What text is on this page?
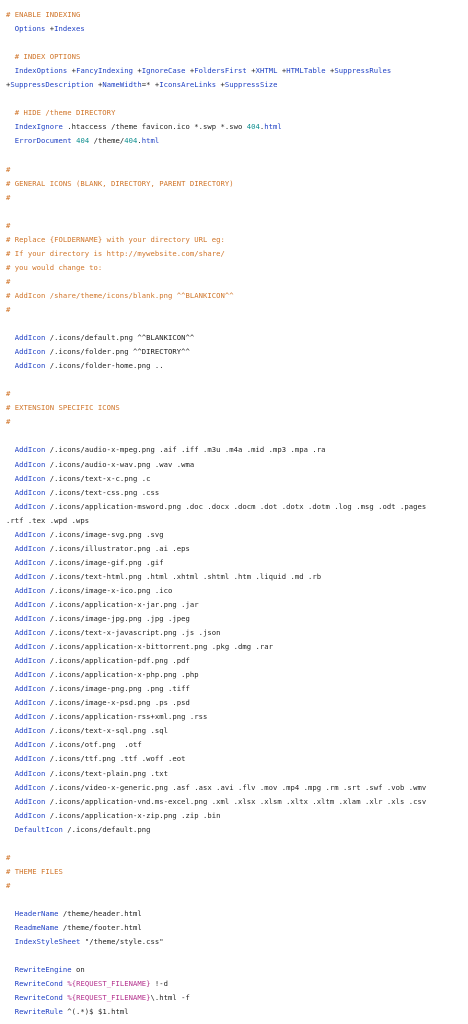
# ENABLE INDEXING
Options +Indexes
# INDEX OPTIONS
IndexOptions +FancyIndexing +IgnoreCase +FoldersFirst +XHTML +HTMLTable +SuppressRules
+SuppressDescription +NameWidth=* +IconsAreLinks +SuppressSize
# HIDE /theme DIRECTORY
IndexIgnore .htaccess /theme favicon.ico *.swp *.swo 404.html
ErrorDocument 404 /theme/404.html
#
# GENERAL ICONS (BLANK, DIRECTORY, PARENT DIRECTORY)
#
#
# Replace {FOLDERNAME} with your directory URL eg:
# If your directory is http://mywebsite.com/share/
# you would change to:
#
# AddIcon /share/theme/icons/blank.png ^^BLANKICON^^
#
AddIcon /.icons/default.png ^^BLANKICON^^
AddIcon /.icons/folder.png ^^DIRECTORY^^
AddIcon /.icons/folder-home.png ..
#
# EXTENSION SPECIFIC ICONS
#
AddIcon /.icons/audio-x-mpeg.png .aif .iff .m3u .m4a .mid .mp3 .mpa .ra
AddIcon /.icons/audio-x-wav.png .wav .wma
AddIcon /.icons/text-x-c.png .c
AddIcon /.icons/text-css.png .css
AddIcon /.icons/application-msword.png .doc .docx .docm .dot .dotx .dotm .log .msg .odt .pages
.rtf .tex .wpd .wps
AddIcon /.icons/image-svg.png .svg
AddIcon /.icons/illustrator.png .ai .eps
AddIcon /.icons/image-gif.png .gif
AddIcon /.icons/text-html.png .html .xhtml .shtml .htm .liquid .md .rb
AddIcon /.icons/image-x-ico.png .ico
AddIcon /.icons/application-x-jar.png .jar
AddIcon /.icons/image-jpg.png .jpg .jpeg
AddIcon /.icons/text-x-javascript.png .js .json
AddIcon /.icons/application-x-bittorrent.png .pkg .dmg .rar
AddIcon /.icons/application-pdf.png .pdf
AddIcon /.icons/application-x-php.png .php
AddIcon /.icons/image-png.png .png .tiff
AddIcon /.icons/image-x-psd.png .ps .psd
AddIcon /.icons/application-rss+xml.png .rss
AddIcon /.icons/text-x-sql.png .sql
AddIcon /.icons/otf.png  .otf
AddIcon /.icons/ttf.png .ttf .woff .eot
AddIcon /.icons/text-plain.png .txt
AddIcon /.icons/video-x-generic.png .asf .asx .avi .flv .mov .mp4 .mpg .rm .srt .swf .vob .wmv
AddIcon /.icons/application-vnd.ms-excel.png .xml .xlsx .xlsm .xltx .xltm .xlam .xlr .xls .csv
AddIcon /.icons/application-x-zip.png .zip .bin
DefaultIcon /.icons/default.png
#
# THEME FILES
#
HeaderName /theme/header.html
ReadmeName /theme/footer.html
IndexStyleSheet "/theme/style.css"
RewriteEngine on
RewriteCond %{REQUEST_FILENAME} !-d
RewriteCond %{REQUEST_FILENAME}\.html -f
RewriteRule ^(.*)$ $1.html
